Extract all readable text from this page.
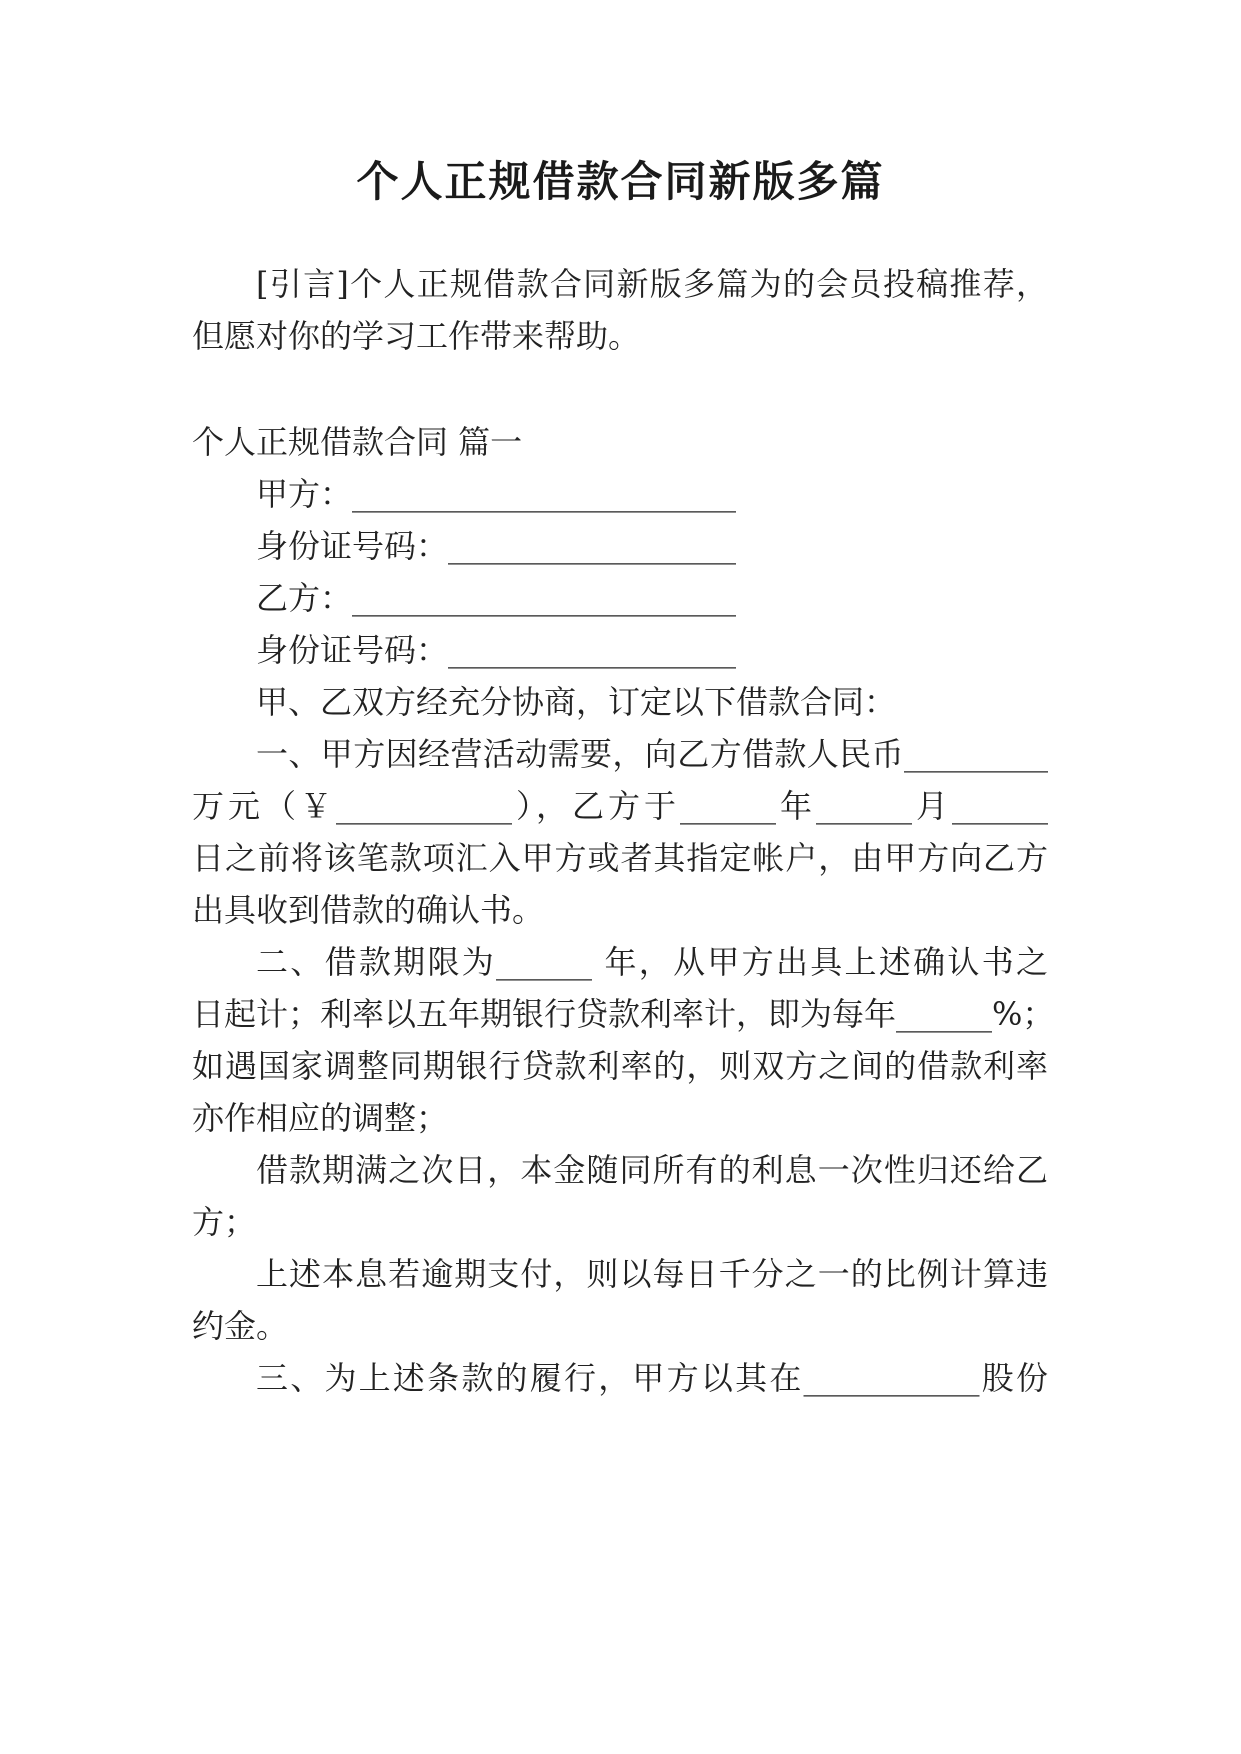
个人正规借款合同新版多篇

[引言]个人正规借款合同新版多篇为的会员投稿推荐，

但愿对你的学习工作带来帮助。

个人正规借款合同 篇一

甲方：________________________

身份证号码：__________________

乙方：________________________

身份证号码：__________________

甲、乙双方经充分协商，订定以下借款合同：

一、甲方因经营活动需要，向乙方借款人民币_________

万元（￥___________），乙方于______年______月______

日之前将该笔款项汇入甲方或者其指定帐户，由甲方向乙方

出具收到借款的确认书。

二、借款期限为______ 年，从甲方出具上述确认书之

日起计；利率以五年期银行贷款利率计，即为每年______%；

如遇国家调整同期银行贷款利率的，则双方之间的借款利率

亦作相应的调整；

借款期满之次日，本金随同所有的利息一次性归还给乙

方；

上述本息若逾期支付，则以每日千分之一的比例计算违

约金。

三、为上述条款的履行，甲方以其在___________股份
